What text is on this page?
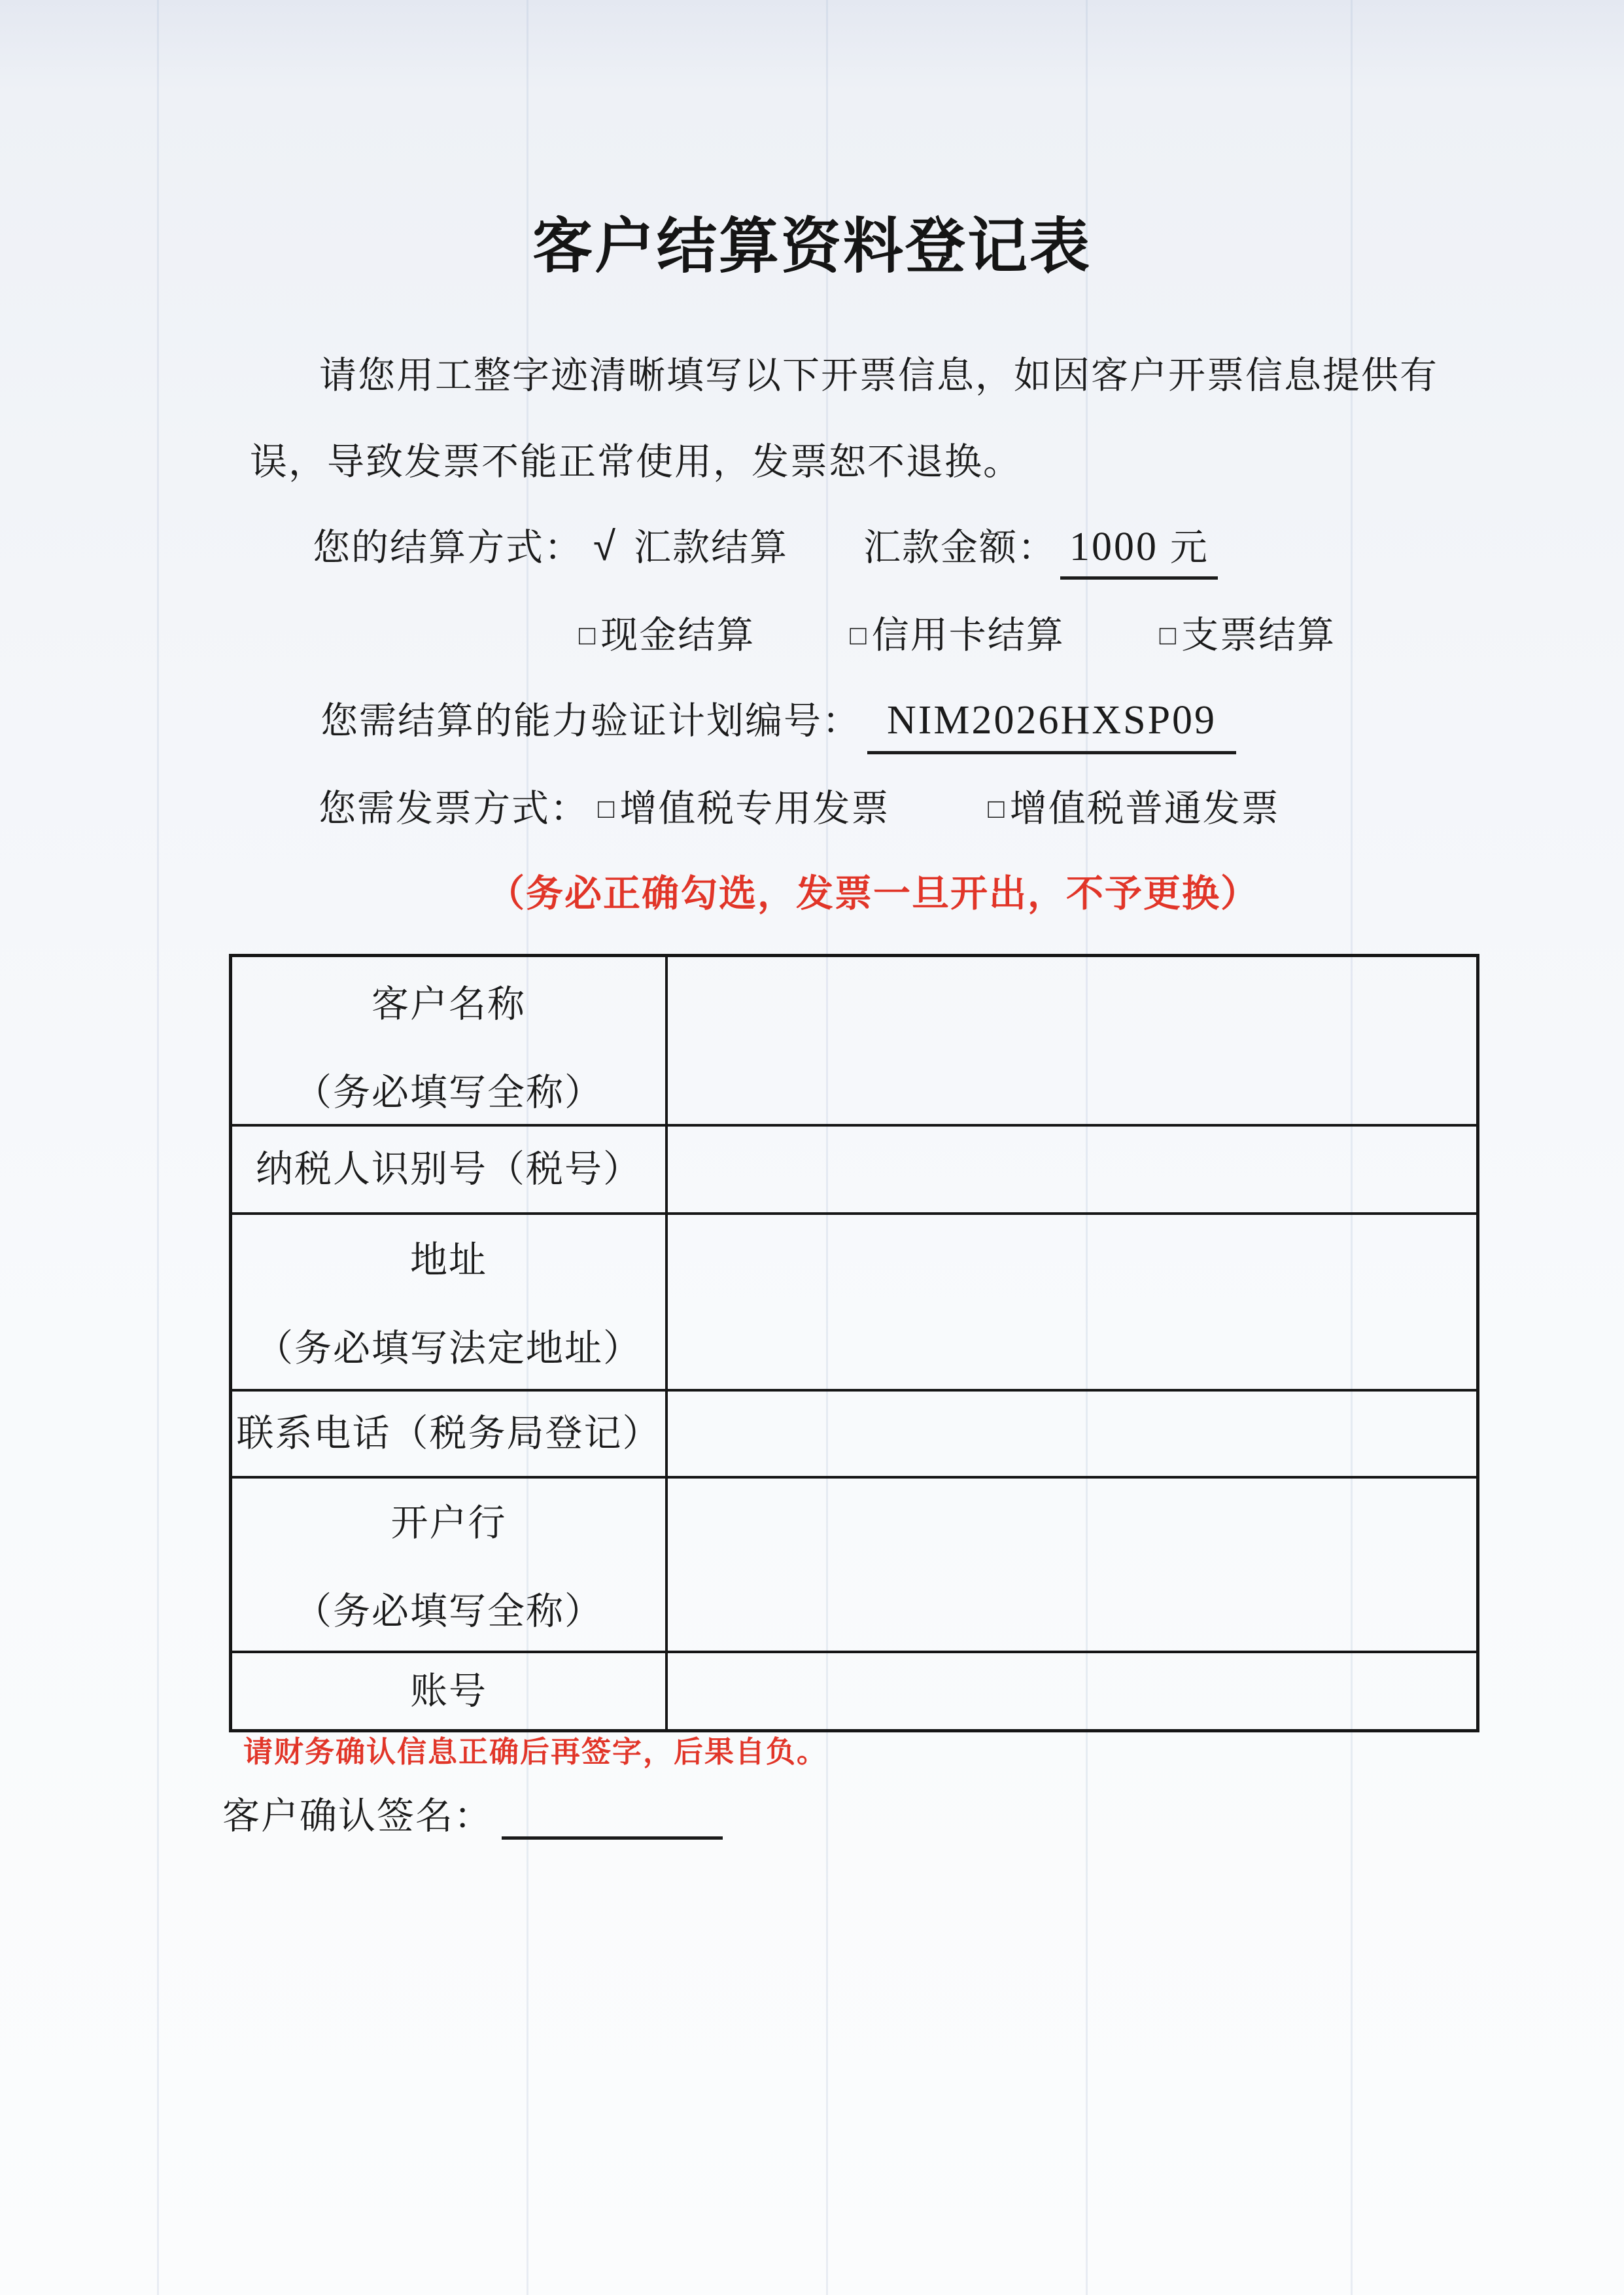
客户结算资料登记表
请您用工整字迹清晰填写以下开票信息，如因客户开票信息提供有
误，导致发票不能正常使用，发票恕不退换。
您的结算方式： √ 汇款结算 汇款金额： 1000 元
□ 现金结算	□ 信用卡结算	□ 支票结算
您需结算的能力验证计划编号： NIM2026HXSP09
您需发票方式： □ 增值税专用发票	□ 增值税普通发票
（务必正确勾选，发票一旦开出，不予更换）
客户名称
（务必填写全称）
纳税人识别号（税号）
地址
（务必填写法定地址）
联系电话（税务局登记）
开户行
（务必填写全称）
账号
请财务确认信息正确后再签字，后果自负。
客户确认签名：
